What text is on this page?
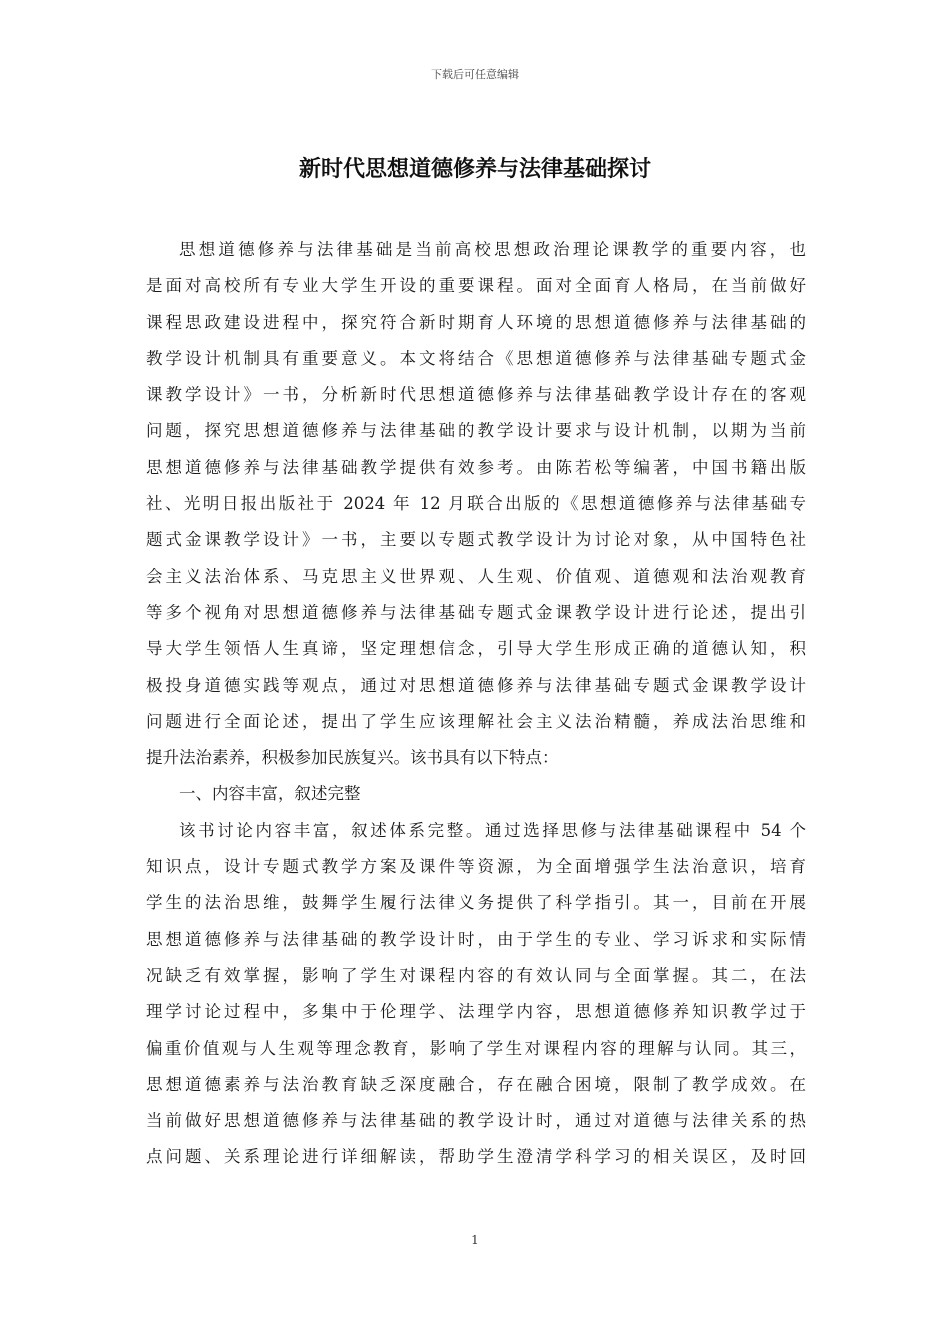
下载后可任意编辑
新时代思想道德修养与法律基础探讨
思想道德修养与法律基础是当前高校思想政治理论课教学的重要内容，也
是面对高校所有专业大学生开设的重要课程。面对全面育人格局，在当前做好
课程思政建设进程中，探究符合新时期育人环境的思想道德修养与法律基础的
教学设计机制具有重要意义。本文将结合《思想道德修养与法律基础专题式金
课教学设计》一书，分析新时代思想道德修养与法律基础教学设计存在的客观
问题，探究思想道德修养与法律基础的教学设计要求与设计机制，以期为当前
思想道德修养与法律基础教学提供有效参考。由陈若松等编著，中国书籍出版
社、光明日报出版社于 2024 年 12 月联合出版的《思想道德修养与法律基础专
题式金课教学设计》一书，主要以专题式教学设计为讨论对象，从中国特色社
会主义法治体系、马克思主义世界观、人生观、价值观、道德观和法治观教育
等多个视角对思想道德修养与法律基础专题式金课教学设计进行论述，提出引
导大学生领悟人生真谛，坚定理想信念，引导大学生形成正确的道德认知，积
极投身道德实践等观点，通过对思想道德修养与法律基础专题式金课教学设计
问题进行全面论述，提出了学生应该理解社会主义法治精髓，养成法治思维和
提升法治素养，积极参加民族复兴。该书具有以下特点：
一、内容丰富，叙述完整
该书讨论内容丰富，叙述体系完整。通过选择思修与法律基础课程中 54 个
知识点，设计专题式教学方案及课件等资源，为全面增强学生法治意识，培育
学生的法治思维，鼓舞学生履行法律义务提供了科学指引。其一，目前在开展
思想道德修养与法律基础的教学设计时，由于学生的专业、学习诉求和实际情
况缺乏有效掌握，影响了学生对课程内容的有效认同与全面掌握。其二，在法
理学讨论过程中，多集中于伦理学、法理学内容，思想道德修养知识教学过于
偏重价值观与人生观等理念教育，影响了学生对课程内容的理解与认同。其三，
思想道德素养与法治教育缺乏深度融合，存在融合困境，限制了教学成效。在
当前做好思想道德修养与法律基础的教学设计时，通过对道德与法律关系的热
点问题、关系理论进行详细解读，帮助学生澄清学科学习的相关误区，及时回
1
